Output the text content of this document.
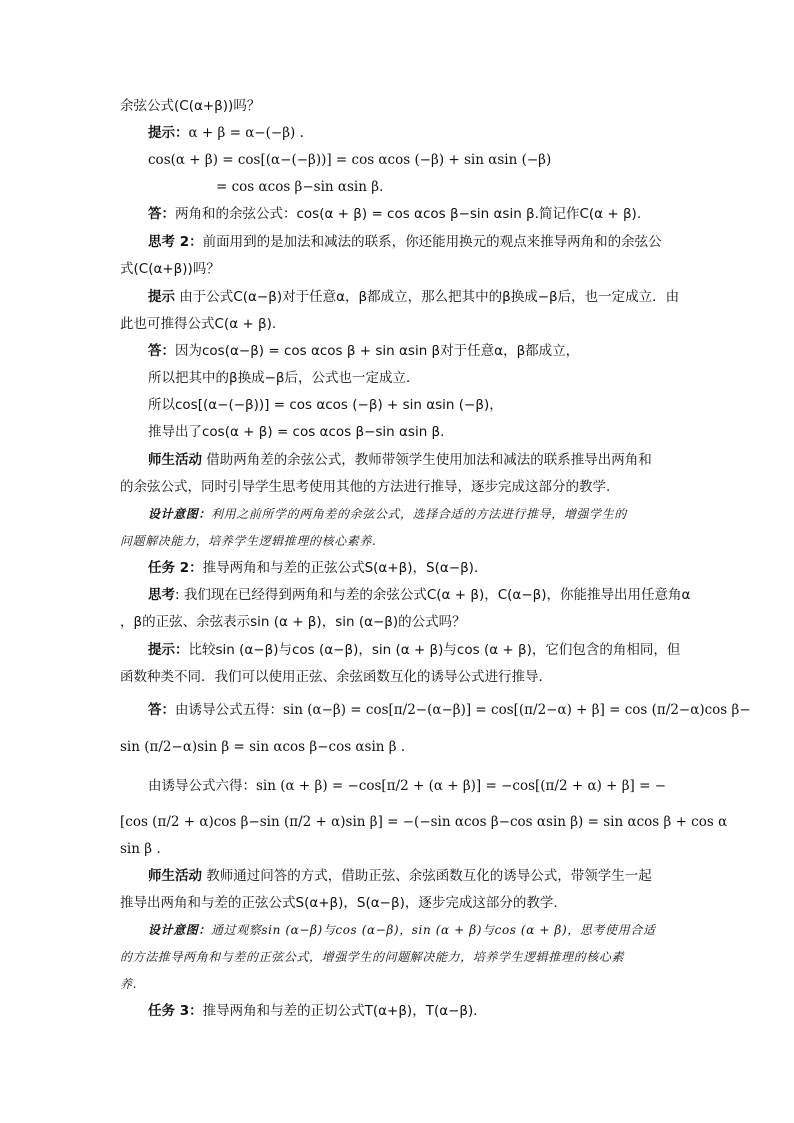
余弦公式(C(α+β))吗？
提示：α + β = α−(−β) .
cos(α + β) = cos[(α−(−β))] = cos αcos (−β) + sin αsin (−β)
= cos αcos β−sin αsin β.
答：两角和的余弦公式：cos(α + β) = cos αcos β−sin αsin β.简记作C(α + β).
思考 2：前面用到的是加法和减法的联系，你还能用换元的观点来推导两角和的余弦公
式(C(α+β))吗？
提示 由于公式C(α−β)对于任意α，β都成立，那么把其中的β换成−β后，也一定成立．由
此也可推得公式C(α + β).
答：因为cos(α−β) = cos αcos β + sin αsin β对于任意α，β都成立，
所以把其中的β换成−β后，公式也一定成立．
所以cos[(α−(−β))] = cos αcos (−β) + sin αsin (−β)，
推导出了cos(α + β) = cos αcos β−sin αsin β.
师生活动 借助两角差的余弦公式，教师带领学生使用加法和减法的联系推导出两角和
的余弦公式，同时引导学生思考使用其他的方法进行推导，逐步完成这部分的教学.
设计意图：利用之前所学的两角差的余弦公式，选择合适的方法进行推导，增强学生的
问题解决能力，培养学生逻辑推理的核心素养.
任务 2：推导两角和与差的正弦公式S(α+β)，S(α−β)．
思考: 我们现在已经得到两角和与差的余弦公式C(α + β)，C(α−β)，你能推导出用任意角α
，β的正弦、余弦表示sin (α + β)，sin (α−β)的公式吗？
提示：比较sin (α−β)与cos (α−β)，sin (α + β)与cos (α + β)，它们包含的角相同，但
函数种类不同．我们可以使用正弦、余弦函数互化的诱导公式进行推导．
答：由诱导公式五得：sin (α−β) = cos[π/2−(α−β)] = cos[(π/2−α) + β] = cos (π/2−α)cos β−
sin (π/2−α)sin β = sin αcos β−cos αsin β .
由诱导公式六得：sin (α + β) = −cos[π/2 + (α + β)] = −cos[(π/2 + α) + β] = −
[cos (π/2 + α)cos β−sin (π/2 + α)sin β] = −(−sin αcos β−cos αsin β) = sin αcos β + cos α
sin β .
师生活动 教师通过问答的方式，借助正弦、余弦函数互化的诱导公式，带领学生一起
推导出两角和与差的正弦公式S(α+β)，S(α−β)，逐步完成这部分的教学.
设计意图：通过观察sin (α−β)与cos (α−β)，sin (α + β)与cos (α + β)，思考使用合适
的方法推导两角和与差的正弦公式，增强学生的问题解决能力，培养学生逻辑推理的核心素
养.
任务 3：推导两角和与差的正切公式T(α+β)，T(α−β)．
